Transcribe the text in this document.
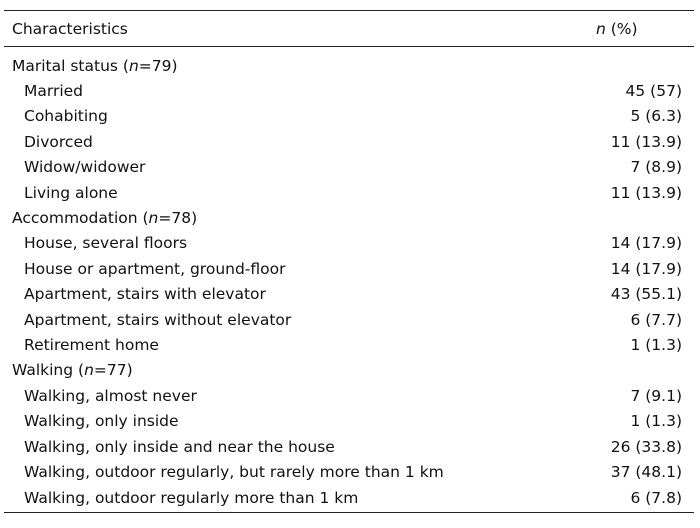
Characteristics	n (%)
Marital status (n=79)	
Married	45 (57)
Cohabiting	5 (6.3)
Divorced	11 (13.9)
Widow/widower	7 (8.9)
Living alone	11 (13.9)
Accommodation (n=78)	
House, several floors	14 (17.9)
House or apartment, ground-floor	14 (17.9)
Apartment, stairs with elevator	43 (55.1)
Apartment, stairs without elevator	6 (7.7)
Retirement home	1 (1.3)
Walking (n=77)	
Walking, almost never	7 (9.1)
Walking, only inside	1 (1.3)
Walking, only inside and near the house	26 (33.8)
Walking, outdoor regularly, but rarely more than 1 km	37 (48.1)
Walking, outdoor regularly more than 1 km	6 (7.8)
